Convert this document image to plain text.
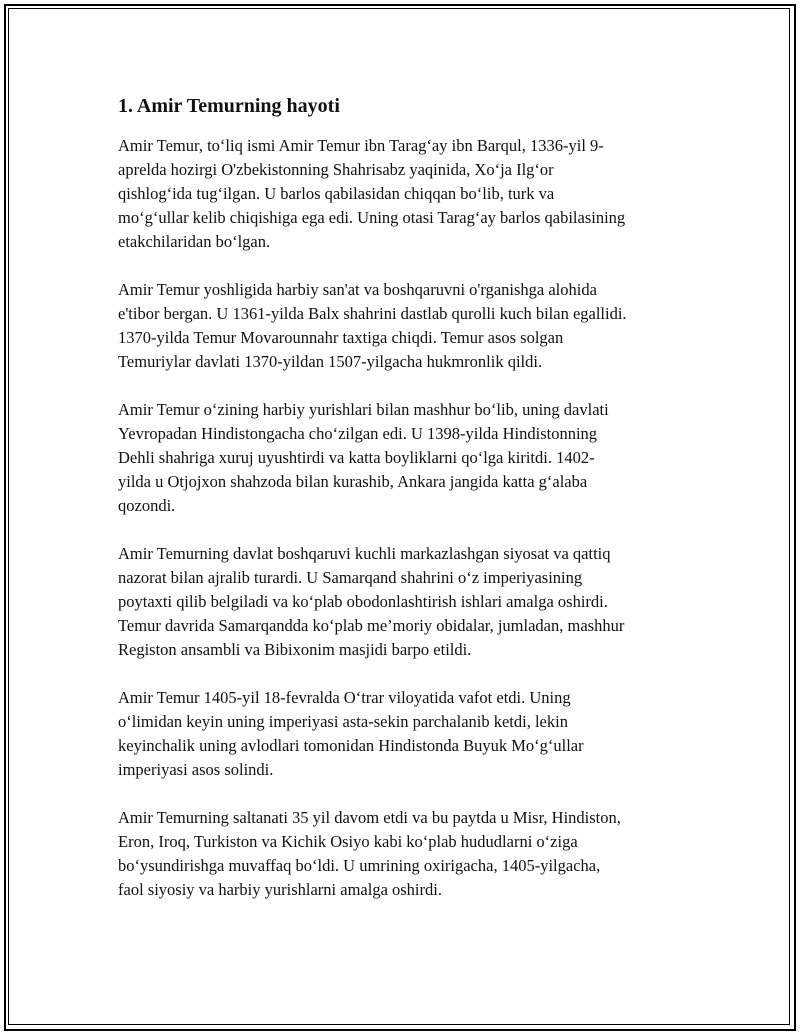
1. Amir Temurning hayoti
Amir Temur, to‘liq ismi Amir Temur ibn Tarag‘ay ibn Barqul, 1336-yil 9-
aprelda hozirgi O'zbekistonning Shahrisabz yaqinida, Xo‘ja Ilg‘or
qishlog‘ida tug‘ilgan. U barlos qabilasidan chiqqan bo‘lib, turk va
mo‘g‘ullar kelib chiqishiga ega edi. Uning otasi Tarag‘ay barlos qabilasining
etakchilaridan bo‘lgan.
Amir Temur yoshligida harbiy san'at va boshqaruvni o'rganishga alohida
e'tibor bergan. U 1361-yilda Balx shahrini dastlab qurolli kuch bilan egallidi.
1370-yilda Temur Movarounnahr taxtiga chiqdi. Temur asos solgan
Temuriylar davlati 1370-yildan 1507-yilgacha hukmronlik qildi.
Amir Temur o‘zining harbiy yurishlari bilan mashhur bo‘lib, uning davlati
Yevropadan Hindistongacha cho‘zilgan edi. U 1398-yilda Hindistonning
Dehli shahriga xuruj uyushtirdi va katta boyliklarni qo‘lga kiritdi. 1402-
yilda u Otjojxon shahzoda bilan kurashib, Ankara jangida katta g‘alaba
qozondi.
Amir Temurning davlat boshqaruvi kuchli markazlashgan siyosat va qattiq
nazorat bilan ajralib turardi. U Samarqand shahrini o‘z imperiyasining
poytaxti qilib belgiladi va ko‘plab obodonlashtirish ishlari amalga oshirdi.
Temur davrida Samarqandda ko‘plab me’moriy obidalar, jumladan, mashhur
Registon ansambli va Bibixonim masjidi barpo etildi.
Amir Temur 1405-yil 18-fevralda O‘trar viloyatida vafot etdi. Uning
o‘limidan keyin uning imperiyasi asta-sekin parchalanib ketdi, lekin
keyinchalik uning avlodlari tomonidan Hindistonda Buyuk Mo‘g‘ullar
imperiyasi asos solindi.
Amir Temurning saltanati 35 yil davom etdi va bu paytda u Misr, Hindiston,
Eron, Iroq, Turkiston va Kichik Osiyo kabi ko‘plab hududlarni o‘ziga
bo‘ysundirishga muvaffaq bo‘ldi. U umrining oxirigacha, 1405-yilgacha,
faol siyosiy va harbiy yurishlarni amalga oshirdi.
